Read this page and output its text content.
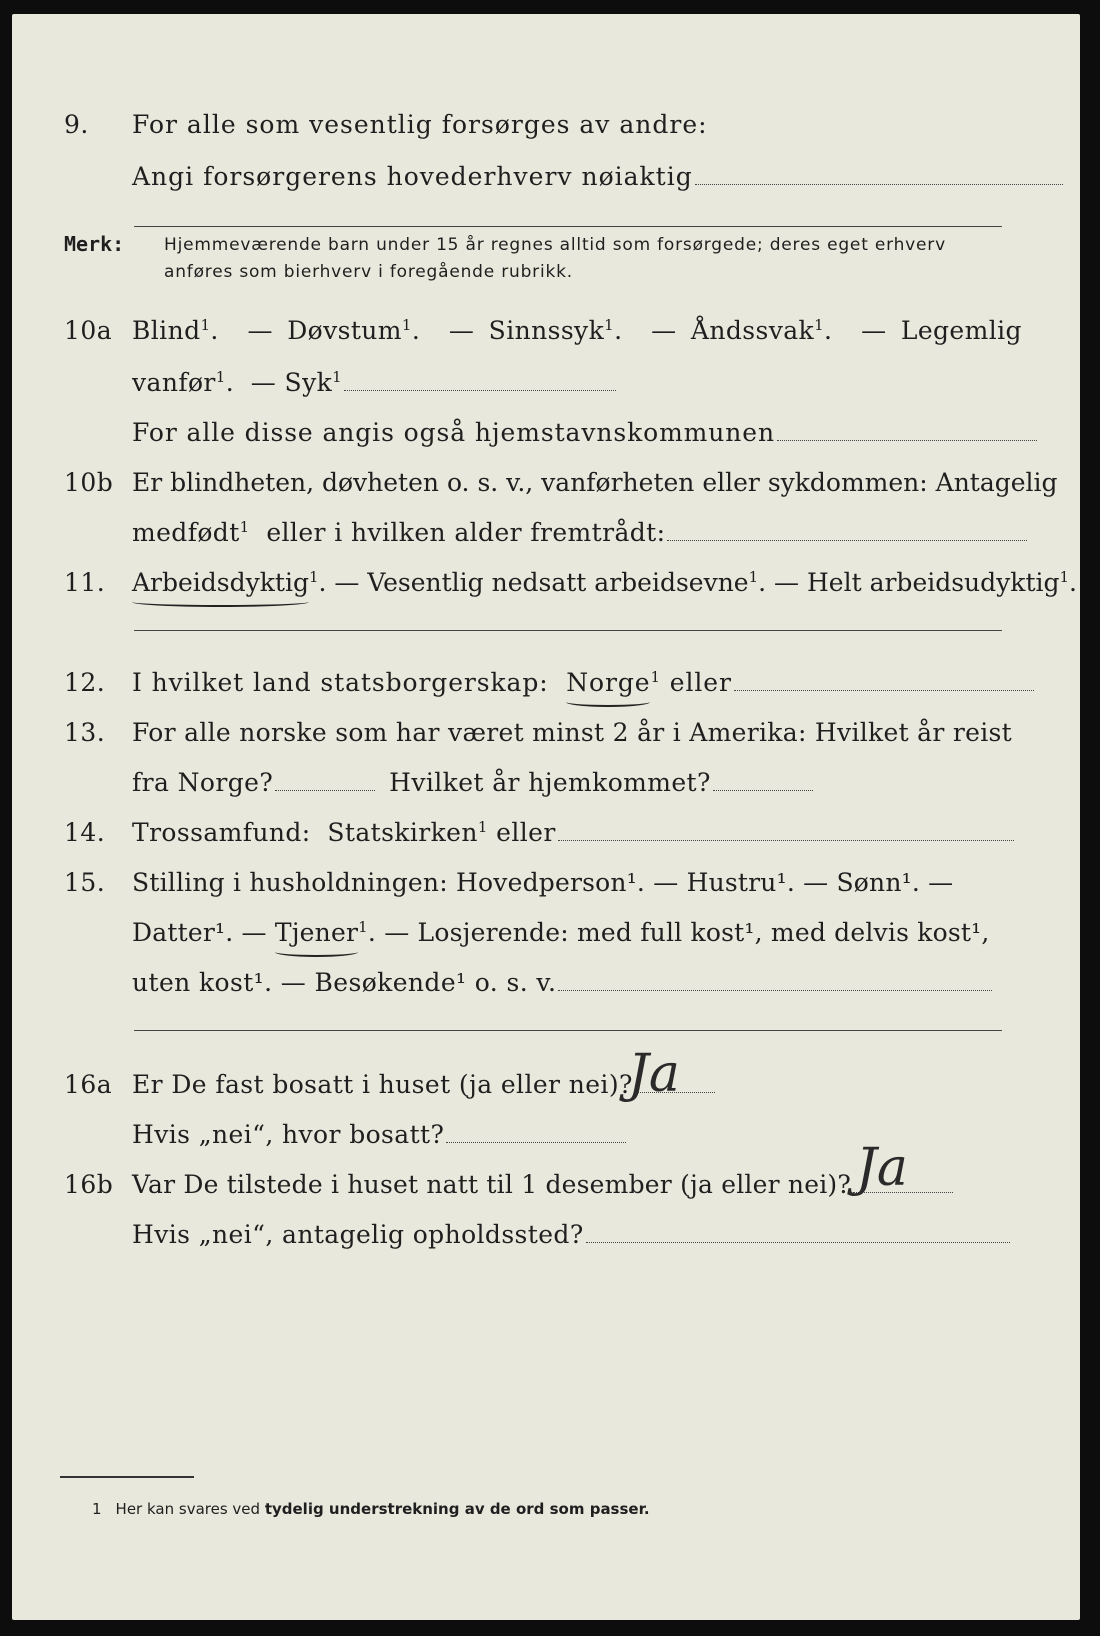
9. For alle som vesentlig forsørges av andre:
Angi forsørgerens hovederhverv nøiaktig
Merk: Hjemmeværende barn under 15 år regnes alltid som forsørgede; deres eget erhverv
anføres som bierhverv i foregående rubrikk.
10a Blind$^1$.  — Døvstum$^1$.  — Sinnssyk$^1$.  — Åndssvak$^1$.  — Legemlig
vanfør$^1$.  — Syk$^1$
For alle disse angis også hjemstavnskommunen
10b Er blindheten, døvheten o. s. v., vanførheten eller sykdommen: Antagelig
medfødt$^1$ eller i hvilken alder fremtrådt:
11. Arbeidsdyktig$^1$. — Vesentlig nedsatt arbeidsevne$^1$. — Helt arbeidsudyktig$^1$.
12. I hvilket land statsborgerskap: Norge$^1$ eller
13. For alle norske som har været minst 2 år i Amerika: Hvilket år reist
fra Norge?	Hvilket år hjemkommet?
14. Trossamfund: Statskirken$^1$ eller
15. Stilling i husholdningen: Hovedperson¹. — Hustru¹. — Sønn¹. —
Datter¹. — Tjener$^1$. — Losjerende: med full kost¹, med delvis kost¹,
uten kost¹. — Besøkende¹ o. s. v.
16a Er De fast bosatt i huset (ja eller nei)?
Ja
Hvis „nei“, hvor bosatt?
16b Var De tilstede i huset natt til 1 desember (ja eller nei)? Ja
Hvis „nei“, antagelig opholdssted?
1 Her kan svares ved tydelig understrekning av de ord som passer.
